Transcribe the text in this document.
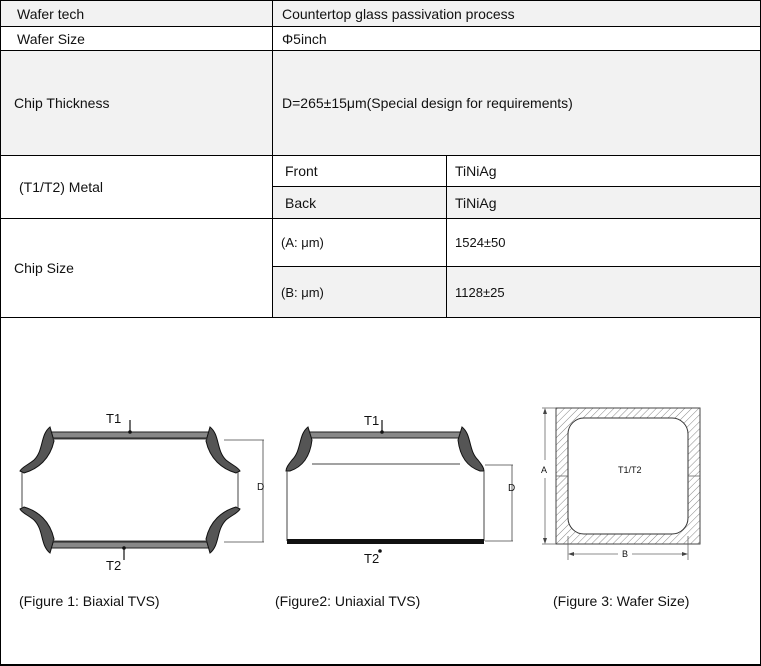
Wafer tech	Countertop glass passivation process
Wafer Size	Φ5inch
Chip Thickness	D=265±15μm(Special design for requirements)
(T1/T2) Metal
Front	TiNiAg
Back	TiNiAg
Chip Size
(A: μm)	1524±50
(B: μm)	1128±25
T1
T2
D
(Figure 1: Biaxial TVS)
T1
T2
D
(Figure2: Uniaxial TVS)
A
B
T1/T2
(Figure 3: Wafer Size)
